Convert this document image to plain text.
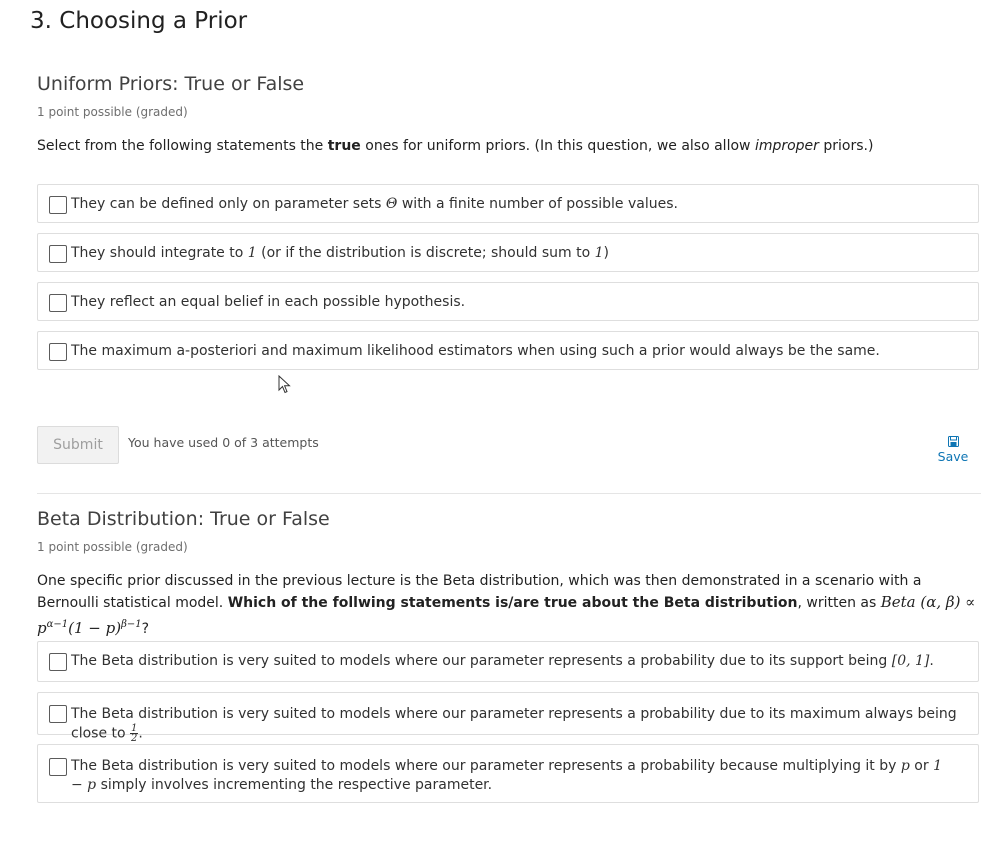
3. Choosing a Prior
Uniform Priors: True or False
1 point possible (graded)
Select from the following statements the true ones for uniform priors. (In this question, we also allow improper priors.)
They can be defined only on parameter sets Θ with a finite number of possible values.
They should integrate to 1 (or if the distribution is discrete; should sum to 1)
They reflect an equal belief in each possible hypothesis.
The maximum a-posteriori and maximum likelihood estimators when using such a prior would always be the same.
Submit	You have used 0 of 3 attempts
Save
Beta Distribution: True or False
1 point possible (graded)
One specific prior discussed in the previous lecture is the Beta distribution, which was then demonstrated in a scenario with a Bernoulli statistical model. Which of the follwing statements is/are true about the Beta distribution, written as Beta (α, $\beta) \propto p^{\alpha-1}(1 - p)^{\beta-1}$?
The Beta distribution is very suited to models where our parameter represents a probability due to its support being [0, 1].
The Beta distribution is very suited to models where our parameter represents a probability due to its maximum always being close to $\frac{1}{2}$ .
The Beta distribution is very suited to models where our parameter represents a probability because multiplying it by p or 1 − p simply involves incrementing the respective parameter.
